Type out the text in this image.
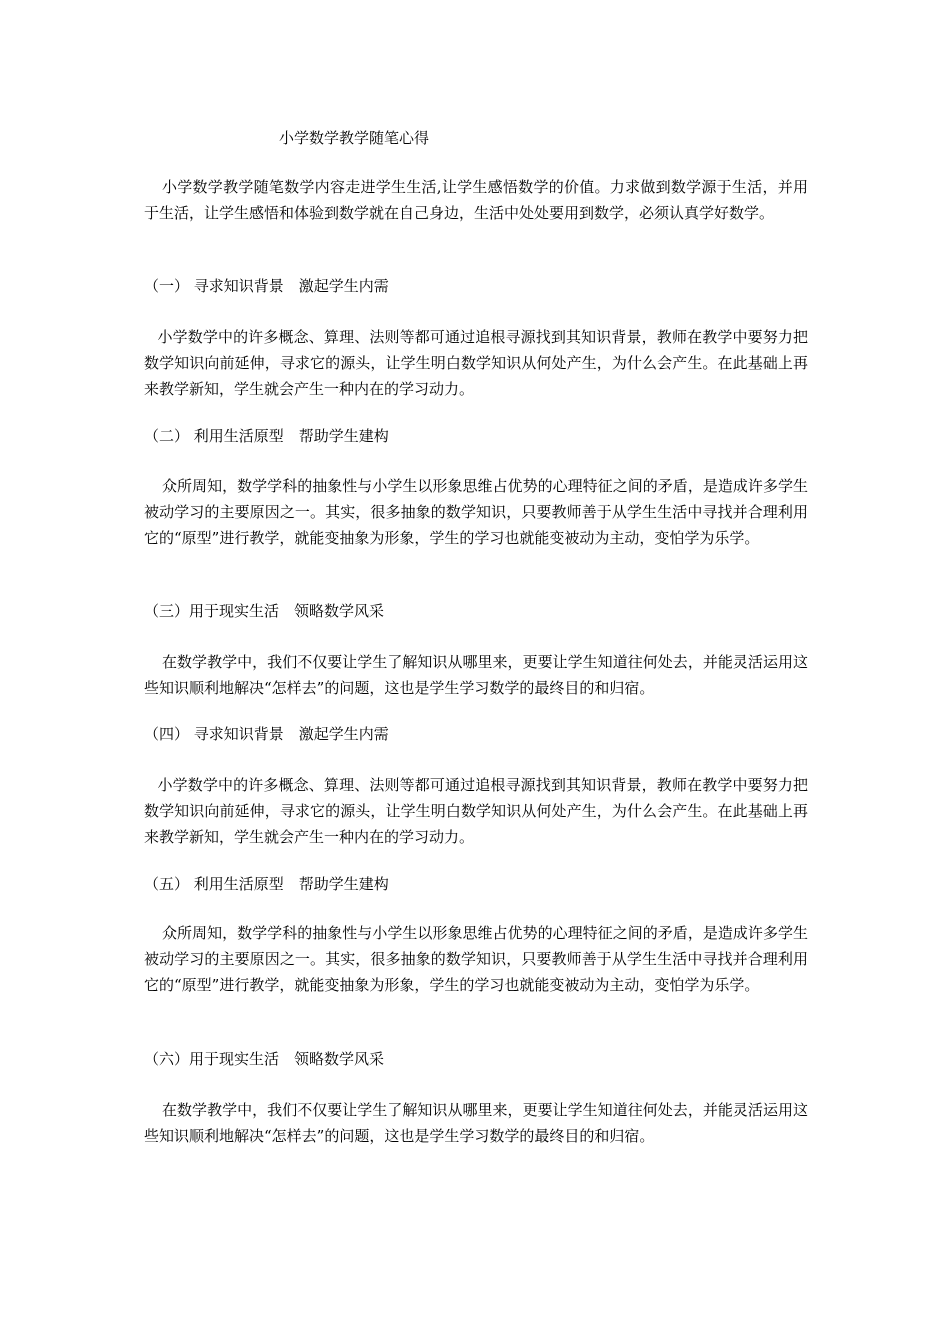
小学数学教学随笔心得
小学数学教学随笔数学内容走进学生生活,让学生感悟数学的价值。力求做到数学源于生活，并用于生活，让学生感悟和体验到数学就在自己身边，生活中处处要用到数学，必须认真学好数学。
（一） 寻求知识背景　激起学生内需
小学数学中的许多概念、算理、法则等都可通过追根寻源找到其知识背景，教师在教学中要努力把数学知识向前延伸，寻求它的源头，让学生明白数学知识从何处产生，为什么会产生。在此基础上再来教学新知，学生就会产生一种内在的学习动力。
（二） 利用生活原型　帮助学生建构
众所周知，数学学科的抽象性与小学生以形象思维占优势的心理特征之间的矛盾，是造成许多学生被动学习的主要原因之一。其实，很多抽象的数学知识，只要教师善于从学生生活中寻找并合理利用它的“原型”进行教学，就能变抽象为形象，学生的学习也就能变被动为主动，变怕学为乐学。
（三）用于现实生活　领略数学风采
在数学教学中，我们不仅要让学生了解知识从哪里来，更要让学生知道往何处去，并能灵活运用这些知识顺利地解决“怎样去”的问题，这也是学生学习数学的最终目的和归宿。
（四） 寻求知识背景　激起学生内需
小学数学中的许多概念、算理、法则等都可通过追根寻源找到其知识背景，教师在教学中要努力把数学知识向前延伸，寻求它的源头，让学生明白数学知识从何处产生，为什么会产生。在此基础上再来教学新知，学生就会产生一种内在的学习动力。
（五） 利用生活原型　帮助学生建构
众所周知，数学学科的抽象性与小学生以形象思维占优势的心理特征之间的矛盾，是造成许多学生被动学习的主要原因之一。其实，很多抽象的数学知识，只要教师善于从学生生活中寻找并合理利用它的“原型”进行教学，就能变抽象为形象，学生的学习也就能变被动为主动，变怕学为乐学。
（六）用于现实生活　领略数学风采
在数学教学中，我们不仅要让学生了解知识从哪里来，更要让学生知道往何处去，并能灵活运用这些知识顺利地解决“怎样去”的问题，这也是学生学习数学的最终目的和归宿。
